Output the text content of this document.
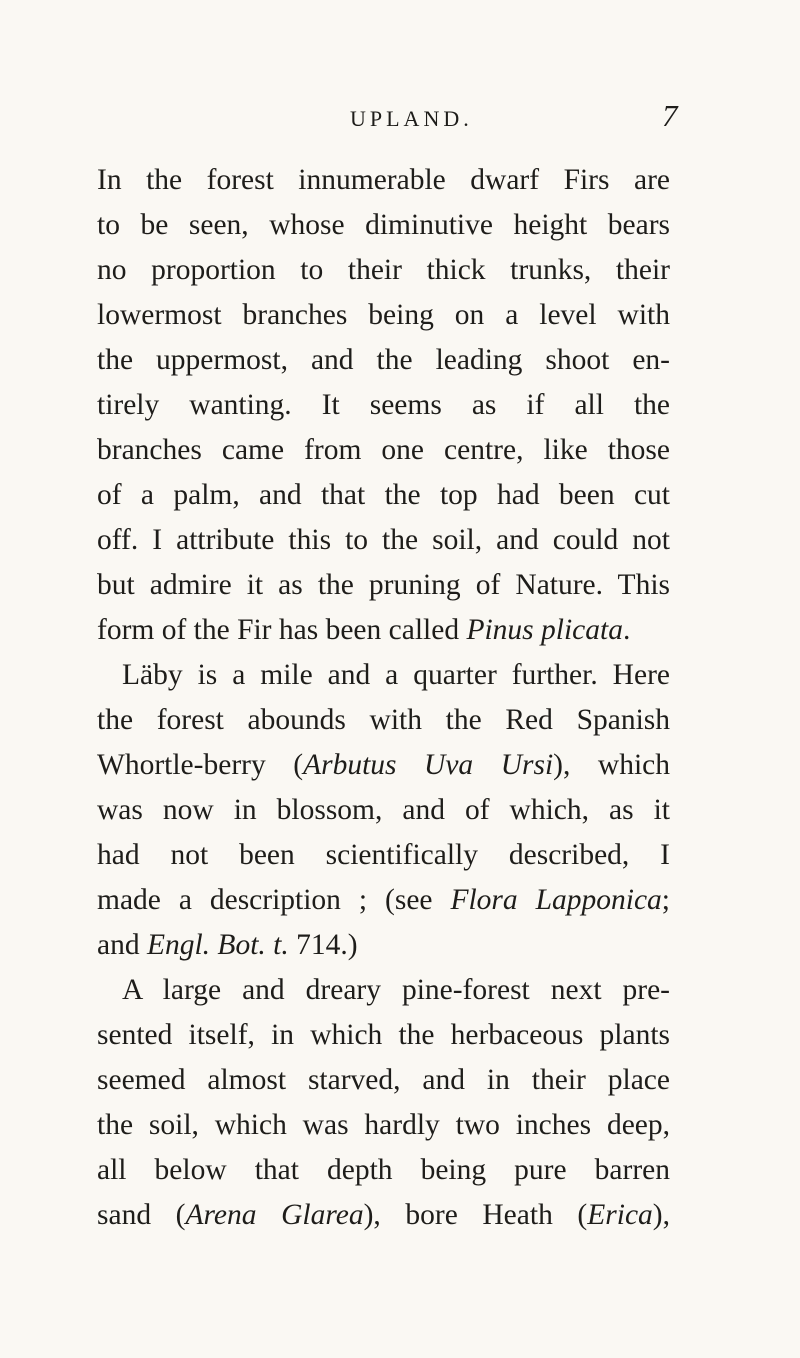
UPLAND.	7
In the forest innumerable dwarf Firs are
to be seen, whose diminutive height bears
no proportion to their thick trunks, their
lowermost branches being on a level with
the uppermost, and the leading shoot en-
tirely wanting. It seems as if all the
branches came from one centre, like those
of a palm, and that the top had been cut
off. I attribute this to the soil, and could not
but admire it as the pruning of Nature. This
form of the Fir has been called Pinus plicata.
Läby is a mile and a quarter further. Here
the forest abounds with the Red Spanish
Whortle-berry (Arbutus Uva Ursi), which
was now in blossom, and of which, as it
had not been scientifically described, I
made a description ; (see Flora Lapponica;
and Engl. Bot. t. 714.)
A large and dreary pine-forest next pre-
sented itself, in which the herbaceous plants
seemed almost starved, and in their place
the soil, which was hardly two inches deep,
all below that depth being pure barren
sand (Arena Glarea), bore Heath (Erica),
